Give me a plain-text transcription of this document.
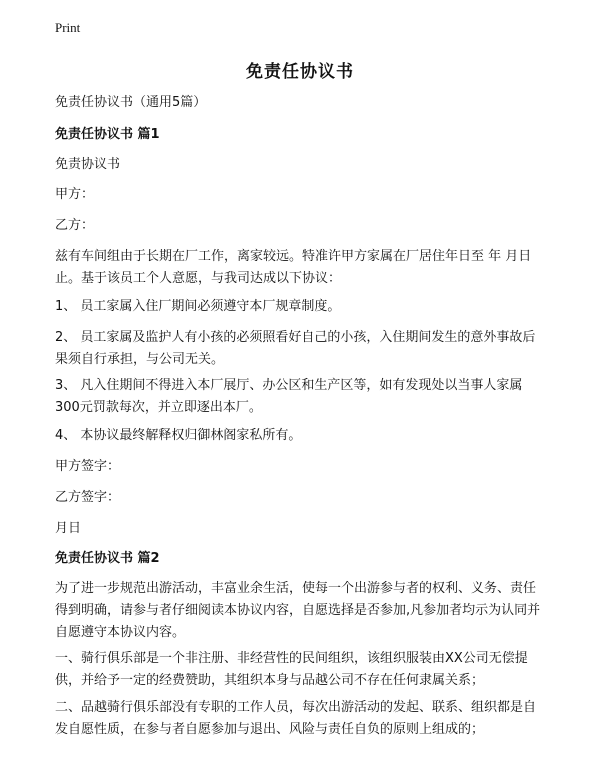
Print
免责任协议书

免责任协议书（通用5篇）

免责任协议书 篇1

免责协议书

甲方：

乙方：

兹有车间组由于长期在厂工作，离家较远。特准许甲方家属在厂居住年日至 年 月日止。基于该员工个人意愿，与我司达成以下协议：

1、 员工家属入住厂期间必须遵守本厂规章制度。

2、 员工家属及监护人有小孩的必须照看好自己的小孩，入住期间发生的意外事故后果须自行承担，与公司无关。

3、 凡入住期间不得进入本厂展厅、办公区和生产区等，如有发现处以当事人家属300元罚款每次，并立即逐出本厂。

4、 本协议最终解释权归御林阁家私所有。

甲方签字：

乙方签字：

月日

免责任协议书 篇2

为了进一步规范出游活动，丰富业余生活，使每一个出游参与者的权利、义务、责任得到明确，请参与者仔细阅读本协议内容，自愿选择是否参加,凡参加者均示为认同并自愿遵守本协议内容。

一、骑行俱乐部是一个非注册、非经营性的民间组织，该组织服装由XX公司无偿提供，并给予一定的经费赞助，其组织本身与品越公司不存在任何隶属关系；

二、品越骑行俱乐部没有专职的工作人员，每次出游活动的发起、联系、组织都是自发自愿性质，在参与者自愿参加与退出、风险与责任自负的原则上组成的；
